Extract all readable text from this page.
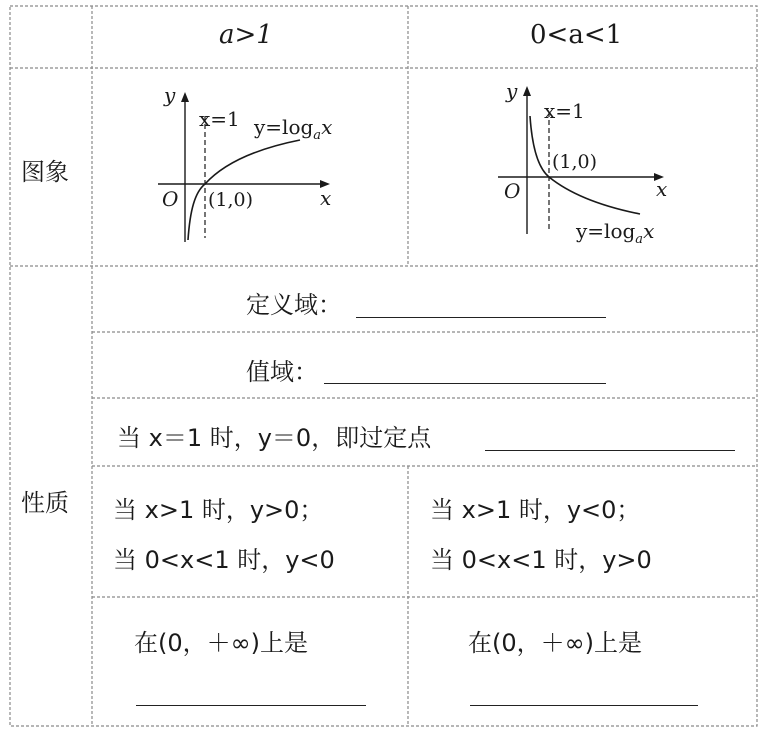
a>1	0<a<1
图象
性质
y
x
O
x=1
(1,0)
$y=\log_ax$
y
x
O
x=1
(1,0)
$y=\log_ax$
定义域：
值域：
当 x＝1 时，y＝0，即过定点
当 x>1 时，y>0；
当 0<x<1 时，y<0
当 x>1 时，y<0；
当 0<x<1 时，y>0
在(0，＋∞)上是	在(0，＋∞)上是
